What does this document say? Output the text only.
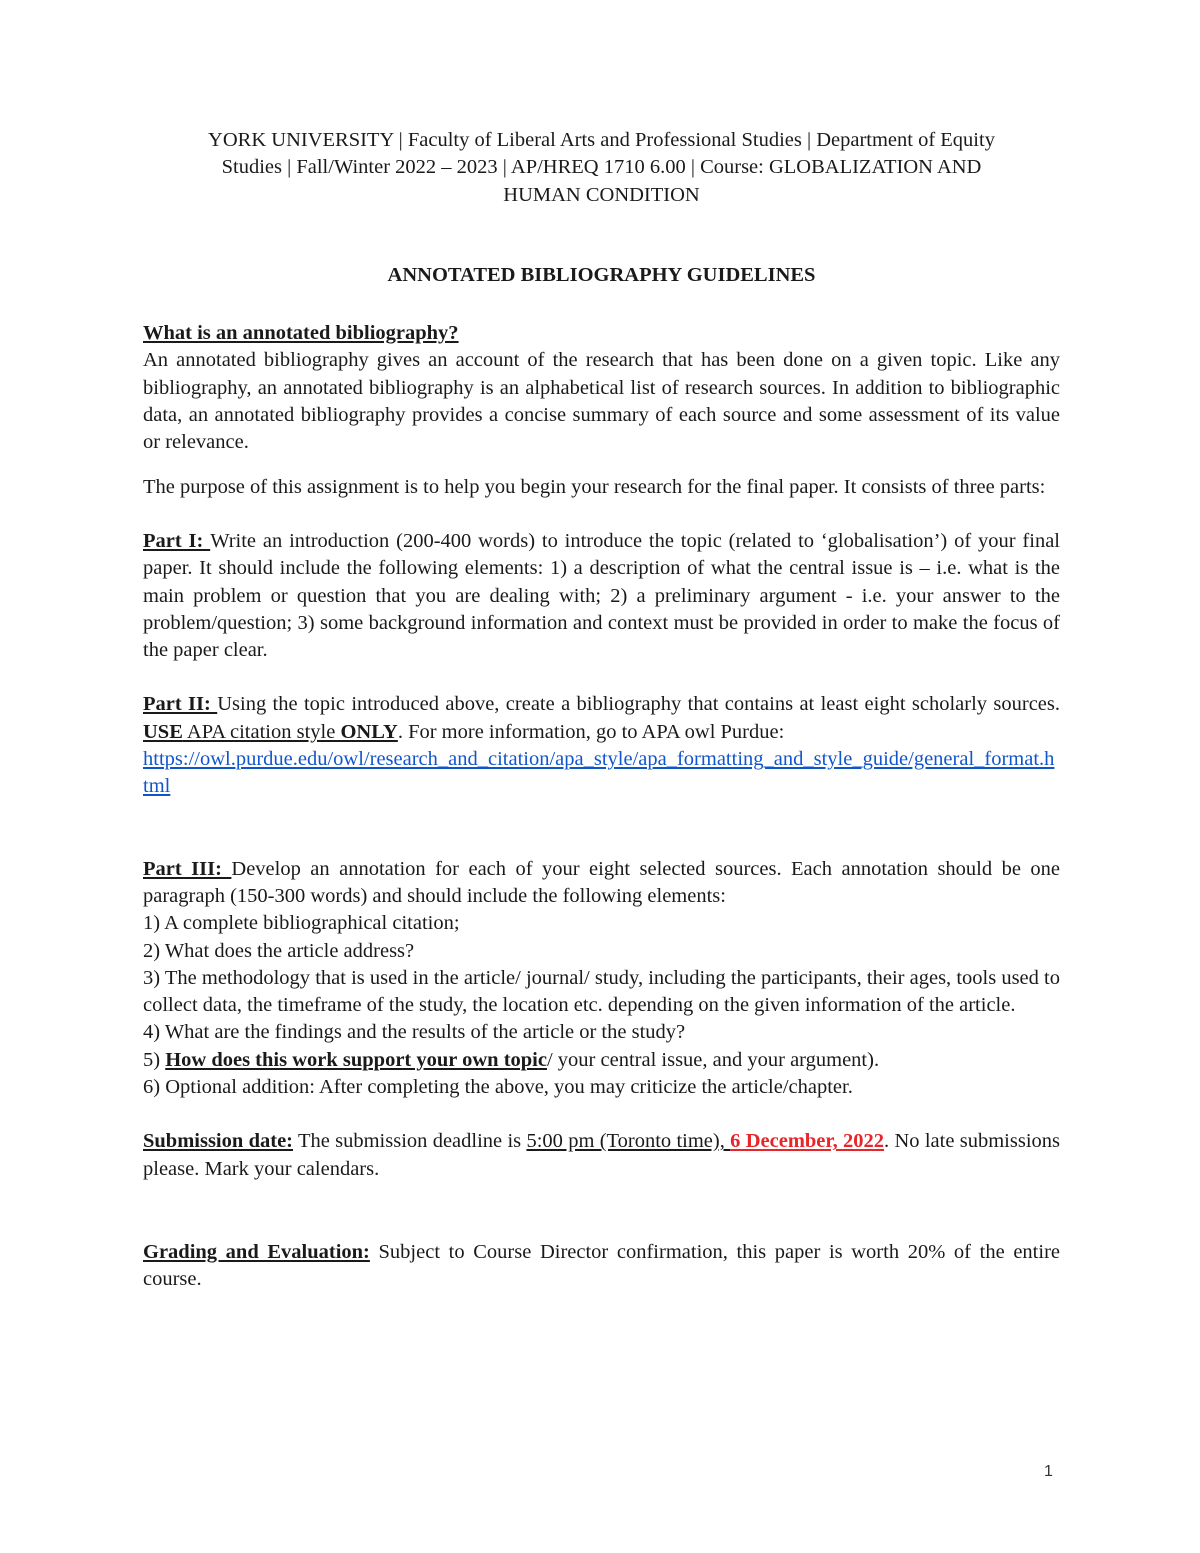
YORK UNIVERSITY | Faculty of Liberal Arts and Professional Studies | Department of Equity
Studies | Fall/Winter 2022 – 2023 | AP/HREQ 1710 6.00 | Course: GLOBALIZATION AND
HUMAN CONDITION
ANNOTATED BIBLIOGRAPHY GUIDELINES
What is an annotated bibliography?

An annotated bibliography gives an account of the research that has been done on a given topic. Like any bibliography, an annotated bibliography is an alphabetical list of research sources. In addition to bibliographic data, an annotated bibliography provides a concise summary of each source and some assessment of its value or relevance.

The purpose of this assignment is to help you begin your research for the final paper. It consists of three parts:

Part I: Write an introduction (200-400 words) to introduce the topic (related to ‘globalisation’) of your final paper. It should include the following elements: 1) a description of what the central issue is – i.e. what is the main problem or question that you are dealing with; 2) a preliminary argument - i.e. your answer to the problem/question; 3) some background information and context must be provided in order to make the focus of the paper clear.

Part II: Using the topic introduced above, create a bibliography that contains at least eight scholarly sources. USE APA citation style ONLY. For more information, go to APA owl Purdue:
https://owl.purdue.edu/owl/research_and_citation/apa_style/apa_formatting_and_style_guide/general_format.html

Part III: Develop an annotation for each of your eight selected sources. Each annotation should be one paragraph (150-300 words) and should include the following elements:

1) A complete bibliographical citation;

2) What does the article address?

3) The methodology that is used in the article/ journal/ study, including the participants, their ages, tools used to collect data, the timeframe of the study, the location etc. depending on the given information of the article.

4) What are the findings and the results of the article or the study?

5) How does this work support your own topic/ your central issue, and your argument).

6) Optional addition: After completing the above, you may criticize the article/chapter.

Submission date: The submission deadline is 5:00 pm (Toronto time), 6 December, 2022. No late submissions please. Mark your calendars.

Grading and Evaluation: Subject to Course Director confirmation, this paper is worth 20% of the entire course.

1
